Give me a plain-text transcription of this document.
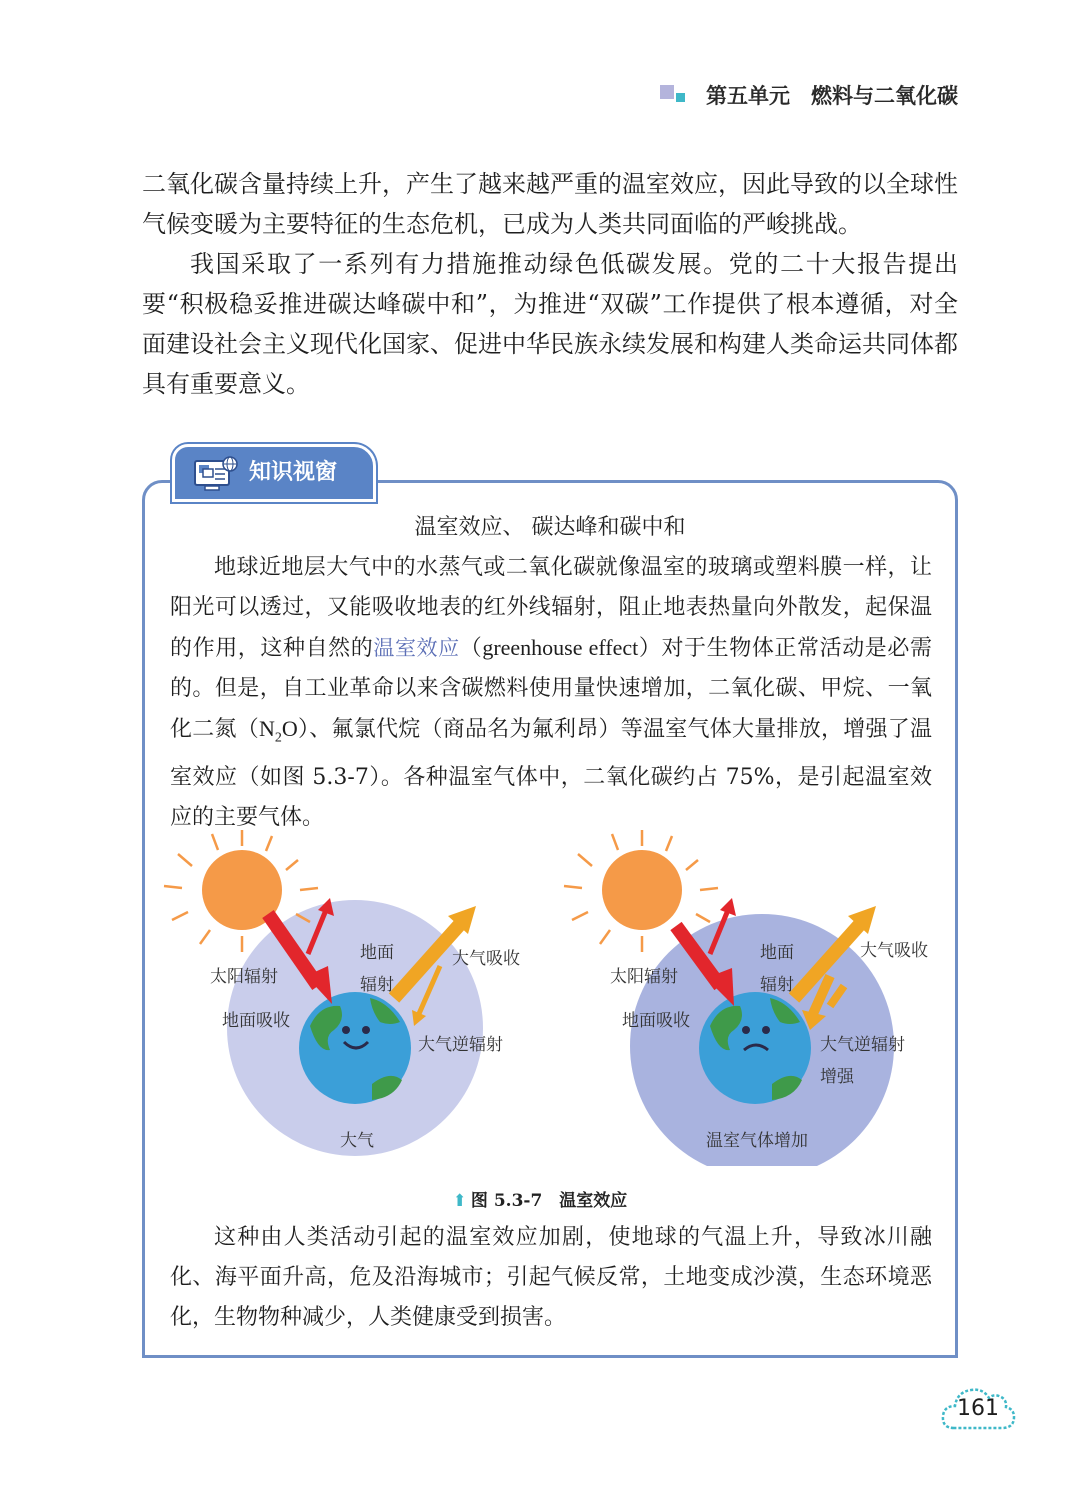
第五单元　燃料与二氧化碳

二氧化碳含量持续上升，产生了越来越严重的温室效应，因此导致的以全球性气候变暖为主要特征的生态危机，已成为人类共同面临的严峻挑战。

我国采取了一系列有力措施推动绿色低碳发展。党的二十大报告提出要“积极稳妥推进碳达峰碳中和”，为推进“双碳”工作提供了根本遵循，对全面建设社会主义现代化国家、促进中华民族永续发展和构建人类命运共同体都具有重要意义。

知识视窗
温室效应、 碳达峰和碳中和

地球近地层大气中的水蒸气或二氧化碳就像温室的玻璃或塑料膜一样，让阳光可以透过，又能吸收地表的红外线辐射，阻止地表热量向外散发，起保温的作用，这种自然的温室效应（greenhouse effect）对于生物体正常活动是必需的。但是，自工业革命以来含碳燃料使用量快速增加，二氧化碳、甲烷、一氧化二氮$(N_2O)$、氟氯代烷（商品名为氟利昂）等温室气体大量排放，增强了温室效应（如图 5.3-7）。各种温室气体中，二氧化碳约占 75%，是引起温室效应的主要气体。

地面
辐射
太阳辐射
大气吸收
地面吸收
大气逆辐射
大气
地面
辐射
太阳辐射
大气吸收
地面吸收
大气逆辐射
增强
温室气体增加
⬆ 图 5.3-7　温室效应

这种由人类活动引起的温室效应加剧，使地球的气温上升，导致冰川融化、海平面升高，危及沿海城市；引起气候反常，土地变成沙漠，生态环境恶化，生物物种减少，人类健康受到损害。

161
